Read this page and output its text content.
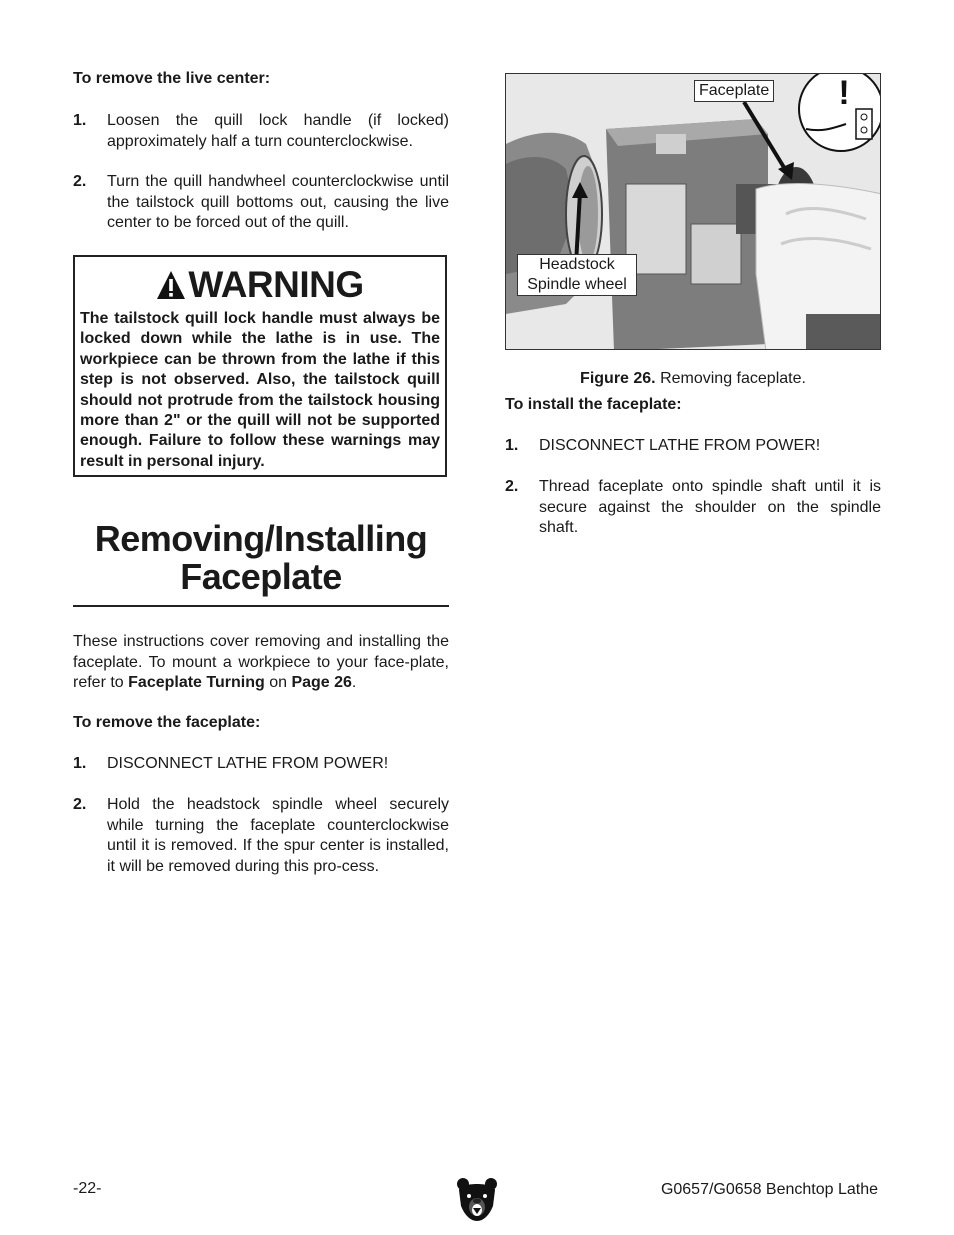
To remove the live center:

1. Loosen the quill lock handle (if locked) approximately half a turn counterclockwise.
2. Turn the quill handwheel counterclockwise until the tailstock quill bottoms out, causing the live center to be forced out of the quill.
WARNING
The tailstock quill lock handle must always be locked down while the lathe is in use. The workpiece can be thrown from the lathe if this step is not observed. Also, the tailstock quill should not protrude from the tailstock housing more than 2" or the quill will not be supported enough. Failure to follow these warnings may result in personal injury.
Removing/Installing
Faceplate

These instructions cover removing and installing the faceplate. To mount a workpiece to your face-plate, refer to Faceplate Turning on Page 26.

To remove the faceplate:

1. DISCONNECT LATHE FROM POWER!
2. Hold the headstock spindle wheel securely while turning the faceplate counterclockwise until it is removed. If the spur center is installed, it will be removed during this pro-cess.
!
Faceplate
Headstock
Spindle wheel

Figure 26. Removing faceplate.

To install the faceplate:

1. DISCONNECT LATHE FROM POWER!
2. Thread faceplate onto spindle shaft until it is secure against the shoulder on the spindle shaft.
-22-	G0657/G0658 Benchtop Lathe
